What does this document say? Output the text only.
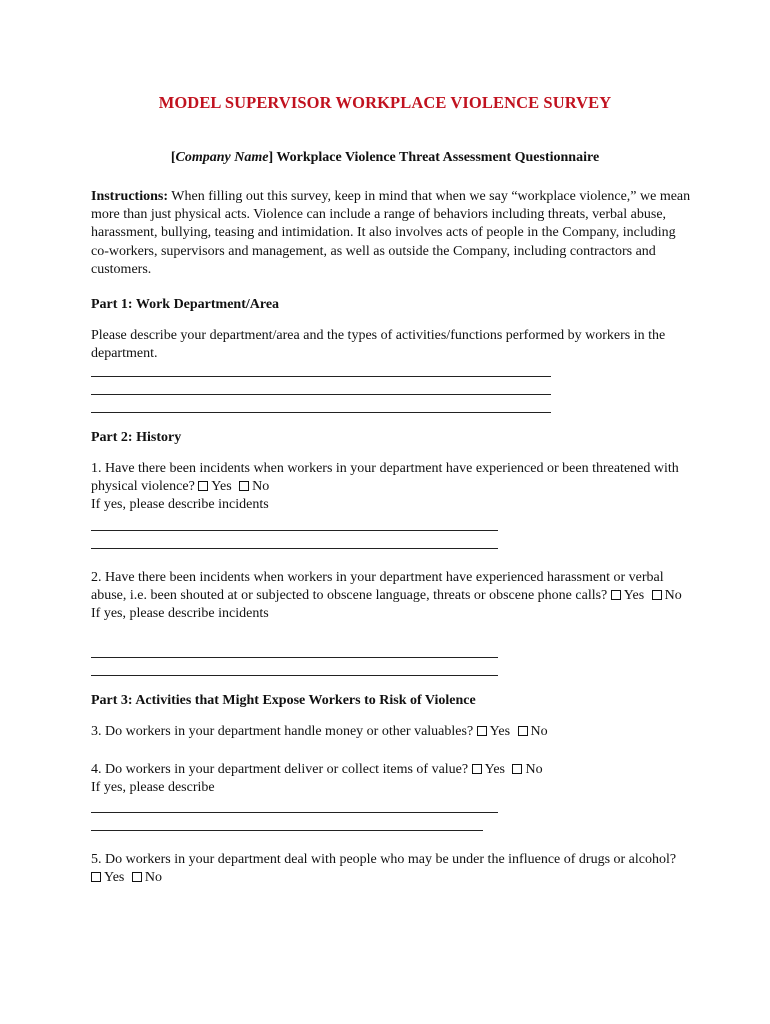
MODEL SUPERVISOR WORKPLACE VIOLENCE SURVEY
[Company Name] Workplace Violence Threat Assessment Questionnaire
Instructions: When filling out this survey, keep in mind that when we say “workplace violence,” we mean more than just physical acts. Violence can include a range of behaviors including threats, verbal abuse, harassment, bullying, teasing and intimidation. It also involves acts of people in the Company, including co-workers, supervisors and management, as well as outside the Company, including contractors and customers.
Part 1: Work Department/Area
Please describe your department/area and the types of activities/functions performed by workers in the department.
Part 2: History
1. Have there been incidents when workers in your department have experienced or been threatened with physical violence? Yes No
If yes, please describe incidents
2. Have there been incidents when workers in your department have experienced harassment or verbal abuse, i.e. been shouted at or subjected to obscene language, threats or obscene phone calls? Yes No
If yes, please describe incidents
Part 3: Activities that Might Expose Workers to Risk of Violence
3. Do workers in your department handle money or other valuables? Yes No
4. Do workers in your department deliver or collect items of value? Yes No
If yes, please describe
5. Do workers in your department deal with people who may be under the influence of drugs or alcohol?
Yes No
